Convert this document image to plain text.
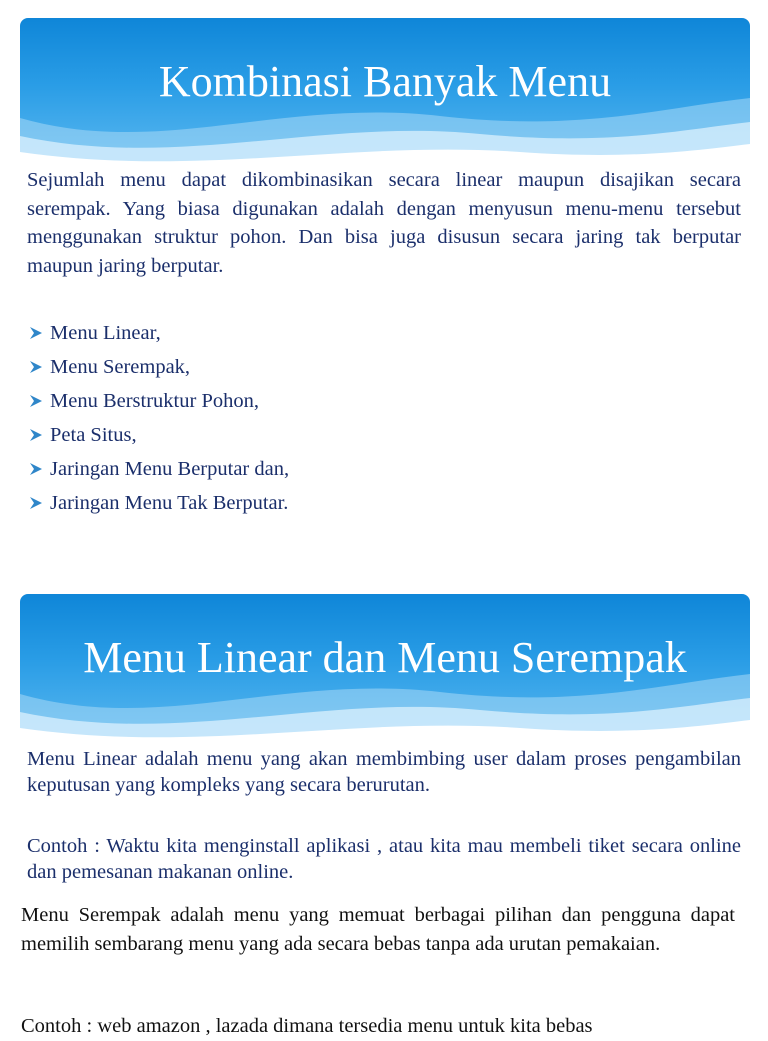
Kombinasi Banyak Menu
Sejumlah menu dapat dikombinasikan secara linear maupun disajikan secara serempak. Yang biasa digunakan adalah dengan menyusun menu-menu tersebut menggunakan struktur pohon. Dan bisa juga disusun secara jaring tak berputar maupun jaring berputar.
Menu Linear,
Menu Serempak,
Menu Berstruktur Pohon,
Peta Situs,
Jaringan Menu Berputar dan,
Jaringan Menu Tak Berputar.
Menu Linear dan Menu Serempak
Menu Linear adalah menu yang akan membimbing user dalam proses pengambilan keputusan yang kompleks yang secara berurutan.
Contoh : Waktu kita menginstall aplikasi , atau kita mau membeli tiket secara online dan pemesanan makanan online.
Menu Serempak adalah menu yang memuat berbagai pilihan dan pengguna dapat memilih sembarang menu yang ada secara bebas tanpa ada urutan pemakaian.
Contoh : web amazon , lazada dimana tersedia menu untuk kita bebas
